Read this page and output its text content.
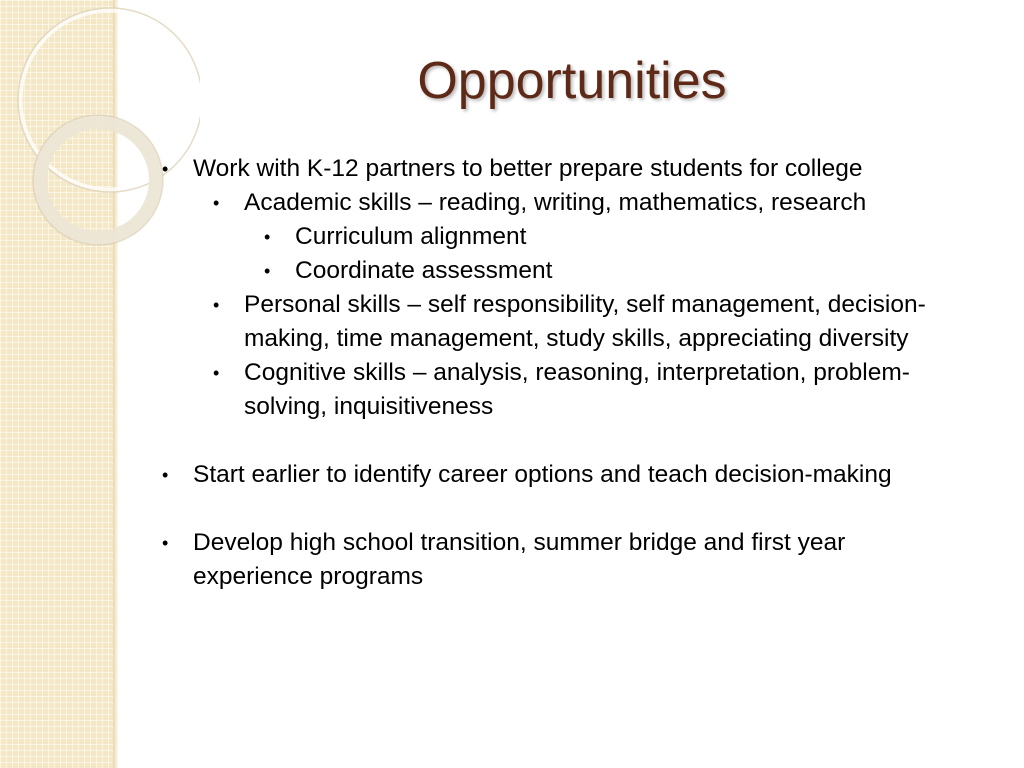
Opportunities
• Work with K-12 partners to better prepare students for college
• Academic skills – reading, writing, mathematics, research
• Curriculum alignment
• Coordinate assessment
• Personal skills – self responsibility, self management, decision- making, time management, study skills, appreciating diversity
• Cognitive skills – analysis, reasoning, interpretation, problem- solving, inquisitiveness
• Start earlier to identify career options and teach decision-making
• Develop high school transition, summer bridge and first year experience programs
